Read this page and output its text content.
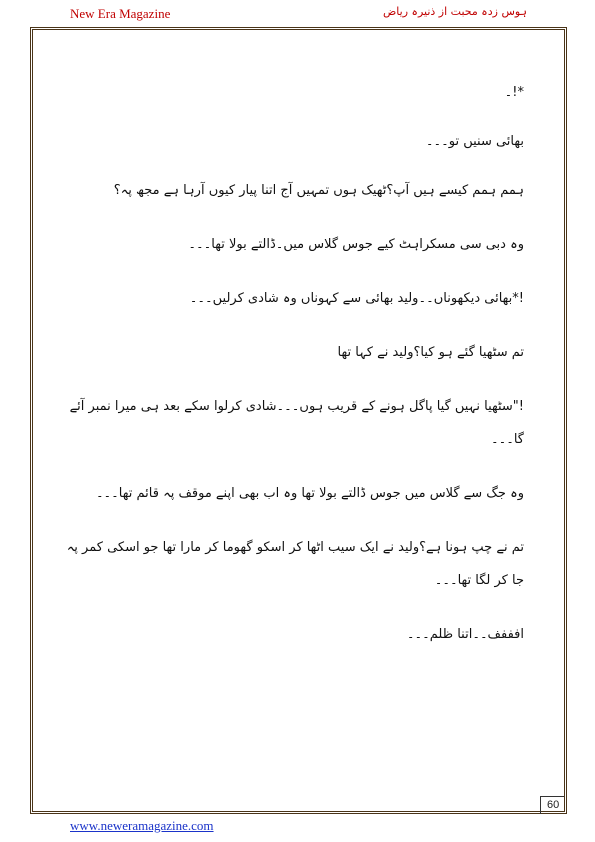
New Era Magazine	ہوس زدہ محبت از ذنیرہ ریاض

*!۔

بھائی سنیں تو۔۔۔

ہمم ہمم کیسے ہیں آپ؟ٹھیک ہوں تمہیں آج اتنا پیار کیوں آرہا ہے مجھ پہ؟

وہ دبی سی مسکراہٹ کیے جوس گلاس میں۔ڈالتے بولا تھا۔۔۔

!*بھائی دیکھوناں۔۔ولید بھائی سے کہوناں وہ شادی کرلیں۔۔۔

تم سٹھیا گئے ہو کیا؟ولید نے کہا تھا

!"سٹھیا نہیں گیا پاگل ہونے کے قریب ہوں۔۔۔شادی کرلوا سکے بعد ہی میرا نمبر آئے گا۔۔۔

وہ جگ سے گلاس میں جوس ڈالتے بولا تھا وہ اب بھی اپنے موقف پہ قائم تھا۔۔۔

تم نے چپ ہونا ہے؟ولید نے ایک سیب اٹھا کر اسکو گھوما کر مارا تھا جو اسکی کمر پہ جا کر لگا تھا۔۔۔

افففف۔۔اتنا ظلم۔۔۔

60
www.neweramagazine.com
